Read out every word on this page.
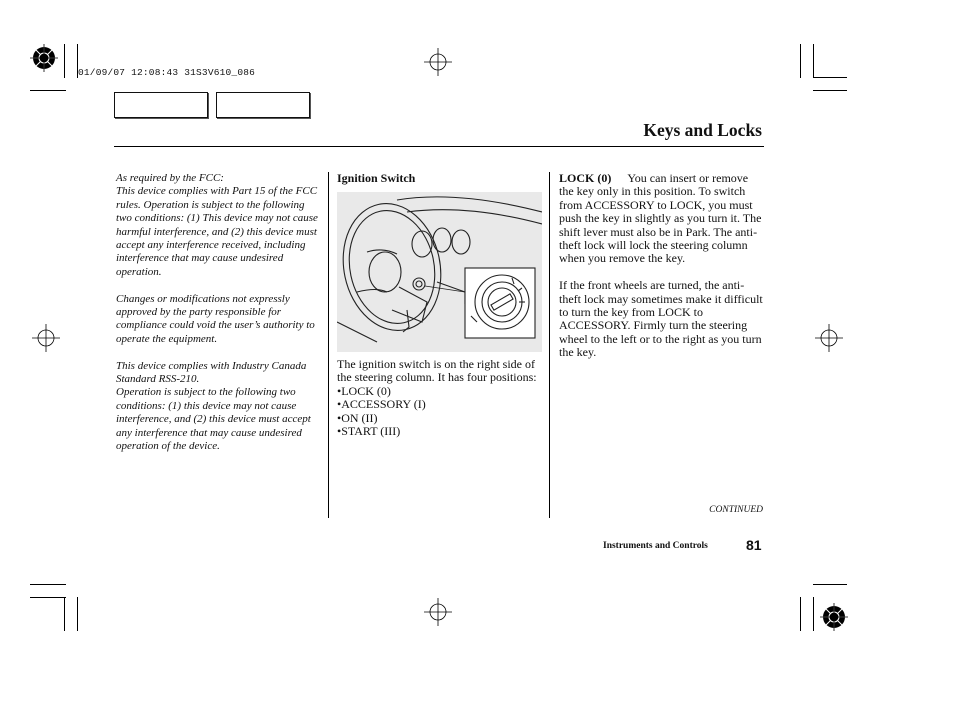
01/09/07 12:08:43 31S3V610_086
Keys and Locks

As required by the FCC:

This device complies with Part 15 of the FCC rules. Operation is subject to the following two conditions: (1) This device may not cause harmful interference, and (2) this device must accept any interference received, including interference that may cause undesired operation.

Changes or modifications not expressly approved by the party responsible for compliance could void the user’s authority to operate the equipment.

This device complies with Industry Canada Standard RSS-210.

Operation is subject to the following two conditions: (1) this device may not cause interference, and (2) this device must accept any interference that may cause undesired operation of the device.

Ignition Switch

The ignition switch is on the right side of the steering column. It has four positions:

•LOCK (0)

•ACCESSORY (I)

•ON (II)

•START (III)

LOCK (0) You can insert or remove the key only in this position. To switch from ACCESSORY to LOCK, you must push the key in slightly as you turn it. The shift lever must also be in Park. The anti-theft lock will lock the steering column when you remove the key.

If the front wheels are turned, the anti-theft lock may sometimes make it difficult to turn the key from LOCK to ACCESSORY. Firmly turn the steering wheel to the left or to the right as you turn the key.

CONTINUED
Instruments and Controls	81
